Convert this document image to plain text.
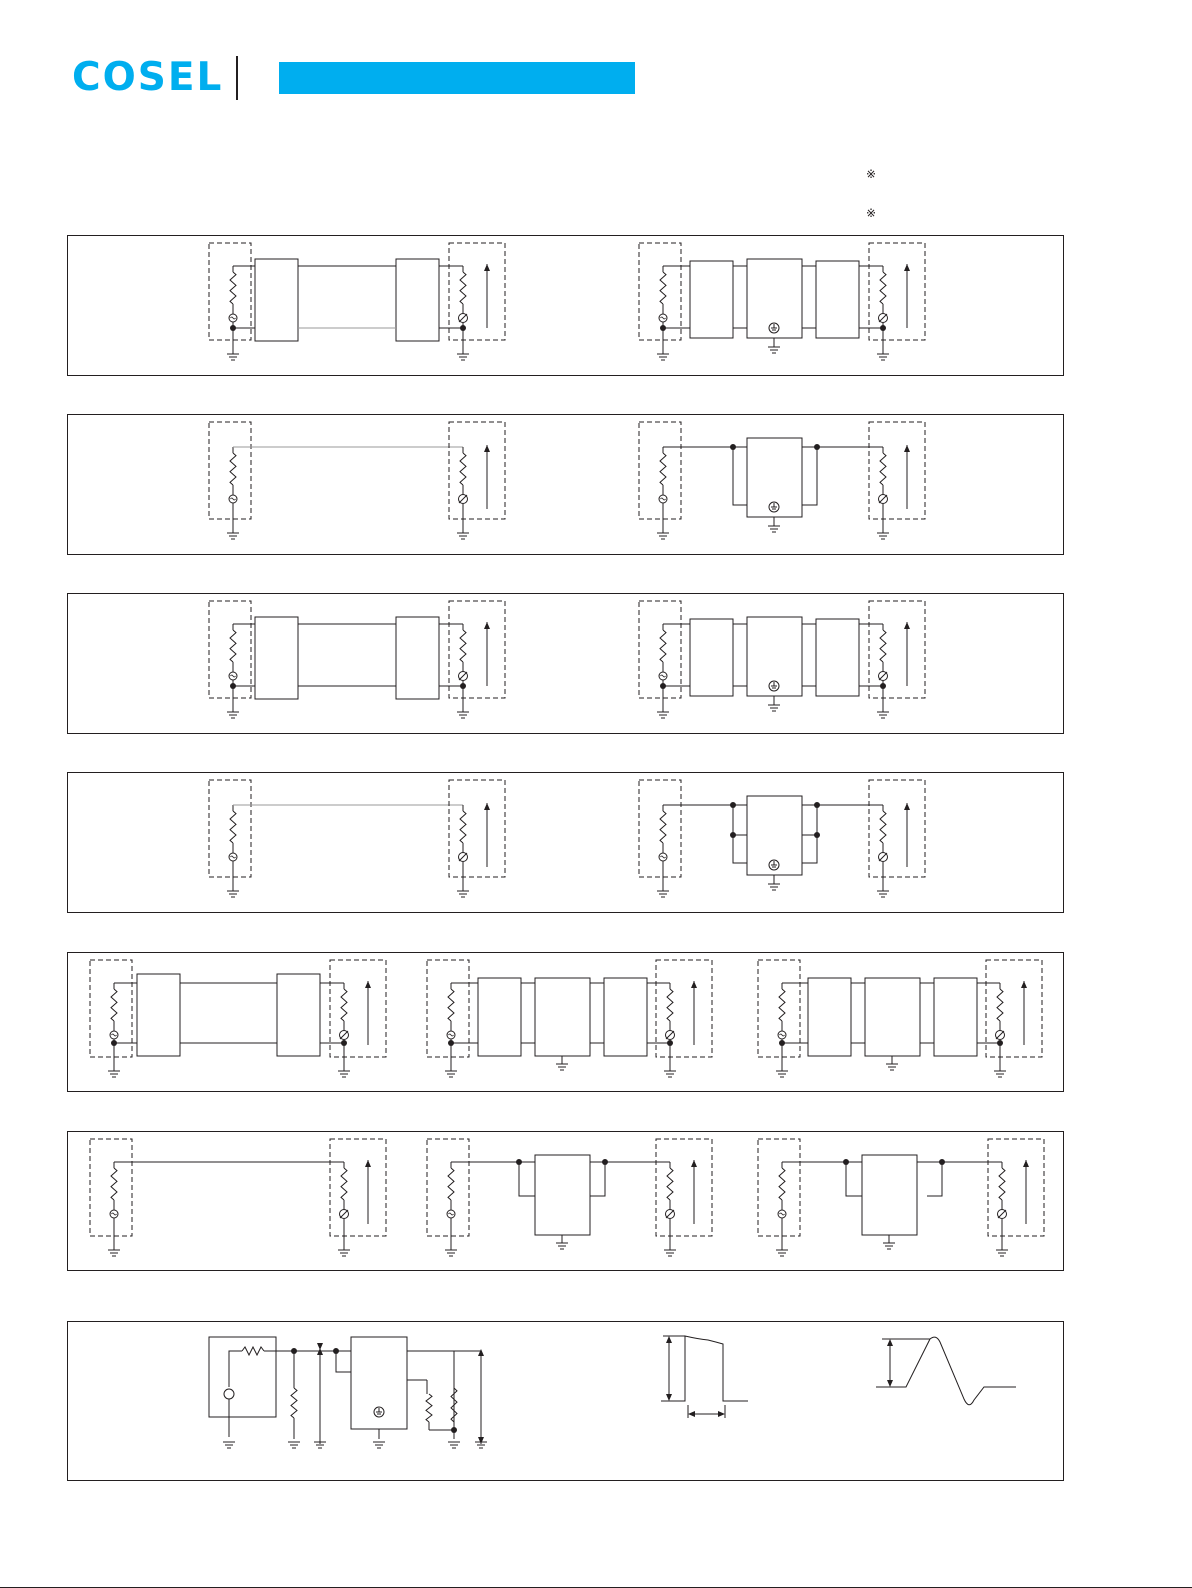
COSEL
※
※
